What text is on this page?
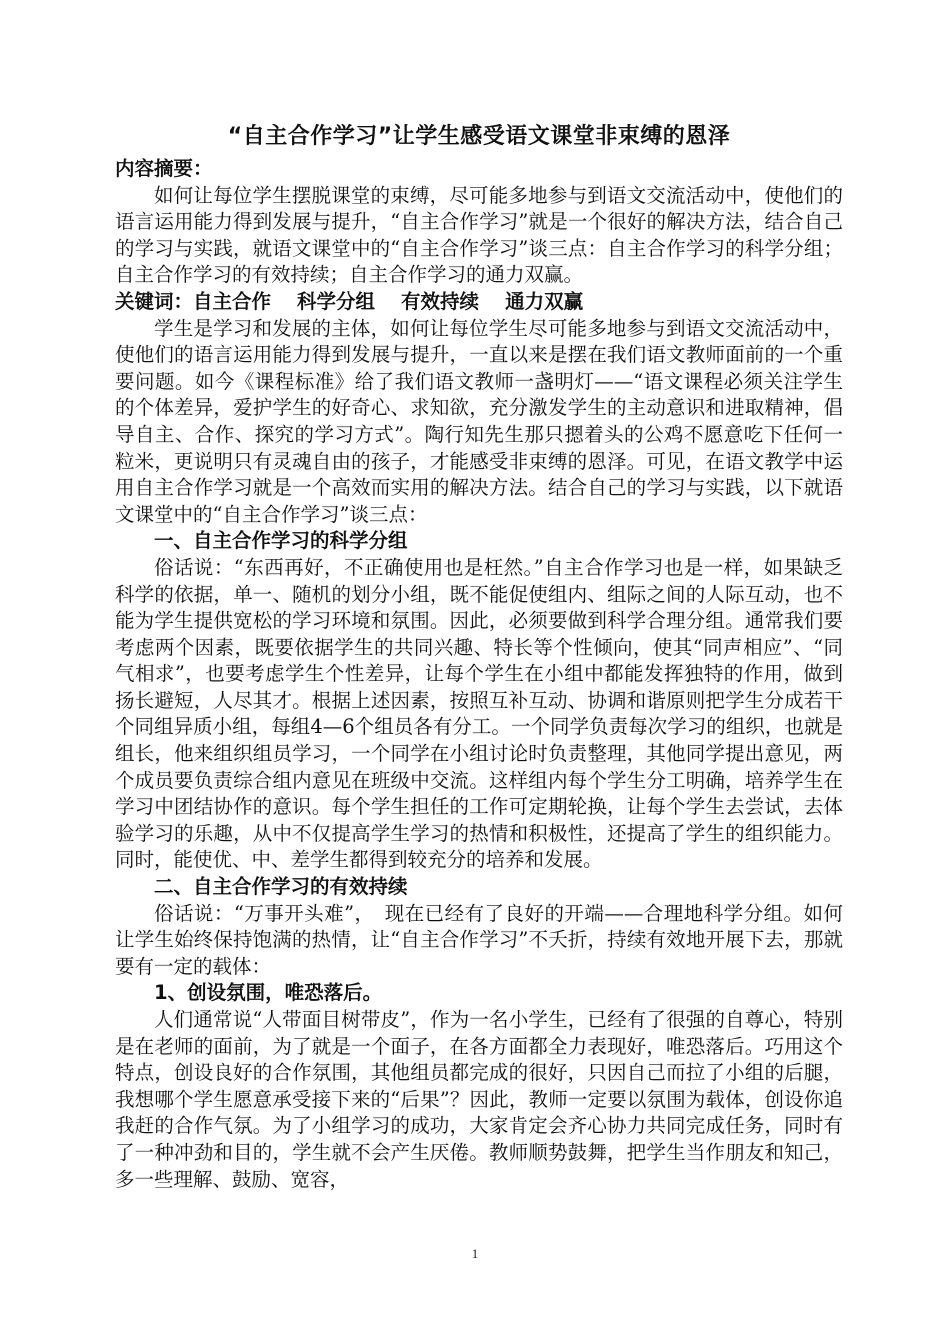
“自主合作学习”让学生感受语文课堂非束缚的恩泽

内容摘要：

如何让每位学生摆脱课堂的束缚，尽可能多地参与到语文交流活动中，使他们的语言运用能力得到发展与提升，“自主合作学习”就是一个很好的解决方法，结合自己的学习与实践，就语文课堂中的“自主合作学习”谈三点：自主合作学习的科学分组；自主合作学习的有效持续；自主合作学习的通力双赢。

关键词：自主合作 科学分组 有效持续 通力双赢

学生是学习和发展的主体，如何让每位学生尽可能多地参与到语文交流活动中，使他们的语言运用能力得到发展与提升，一直以来是摆在我们语文教师面前的一个重要问题。如今《课程标准》给了我们语文教师一盏明灯——“语文课程必须关注学生的个体差异，爱护学生的好奇心、求知欲，充分激发学生的主动意识和进取精神，倡导自主、合作、探究的学习方式”。陶行知先生那只摁着头的公鸡不愿意吃下任何一粒米，更说明只有灵魂自由的孩子，才能感受非束缚的恩泽。可见，在语文教学中运用自主合作学习就是一个高效而实用的解决方法。结合自己的学习与实践，以下就语文课堂中的“自主合作学习”谈三点：

一、自主合作学习的科学分组

俗话说：“东西再好，不正确使用也是枉然。”自主合作学习也是一样，如果缺乏科学的依据，单一、随机的划分小组，既不能促使组内、组际之间的人际互动，也不能为学生提供宽松的学习环境和氛围。因此，必须要做到科学合理分组。通常我们要考虑两个因素，既要依据学生的共同兴趣、特长等个性倾向，使其“同声相应”、“同气相求”，也要考虑学生个性差异，让每个学生在小组中都能发挥独特的作用，做到扬长避短，人尽其才。根据上述因素，按照互补互动、协调和谐原则把学生分成若干个同组异质小组，每组4—6个组员各有分工。一个同学负责每次学习的组织，也就是组长，他来组织组员学习，一个同学在小组讨论时负责整理，其他同学提出意见，两个成员要负责综合组内意见在班级中交流。这样组内每个学生分工明确，培养学生在学习中团结协作的意识。每个学生担任的工作可定期轮换，让每个学生去尝试，去体验学习的乐趣，从中不仅提高学生学习的热情和积极性，还提高了学生的组织能力。同时，能使优、中、差学生都得到较充分的培养和发展。

二、自主合作学习的有效持续

俗话说：“万事开头难”，　现在已经有了良好的开端——合理地科学分组。如何让学生始终保持饱满的热情，让“自主合作学习”不夭折，持续有效地开展下去，那就要有一定的载体：

1、创设氛围，唯恐落后。

人们通常说“人带面目树带皮”，作为一名小学生，已经有了很强的自尊心，特别是在老师的面前，为了就是一个面子，在各方面都全力表现好，唯恐落后。巧用这个特点，创设良好的合作氛围，其他组员都完成的很好，只因自己而拉了小组的后腿，我想哪个学生愿意承受接下来的“后果”？因此，教师一定要以氛围为载体，创设你追我赶的合作气氛。为了小组学习的成功，大家肯定会齐心协力共同完成任务，同时有了一种冲劲和目的，学生就不会产生厌倦。教师顺势鼓舞，把学生当作朋友和知己，多一些理解、鼓励、宽容，

1
